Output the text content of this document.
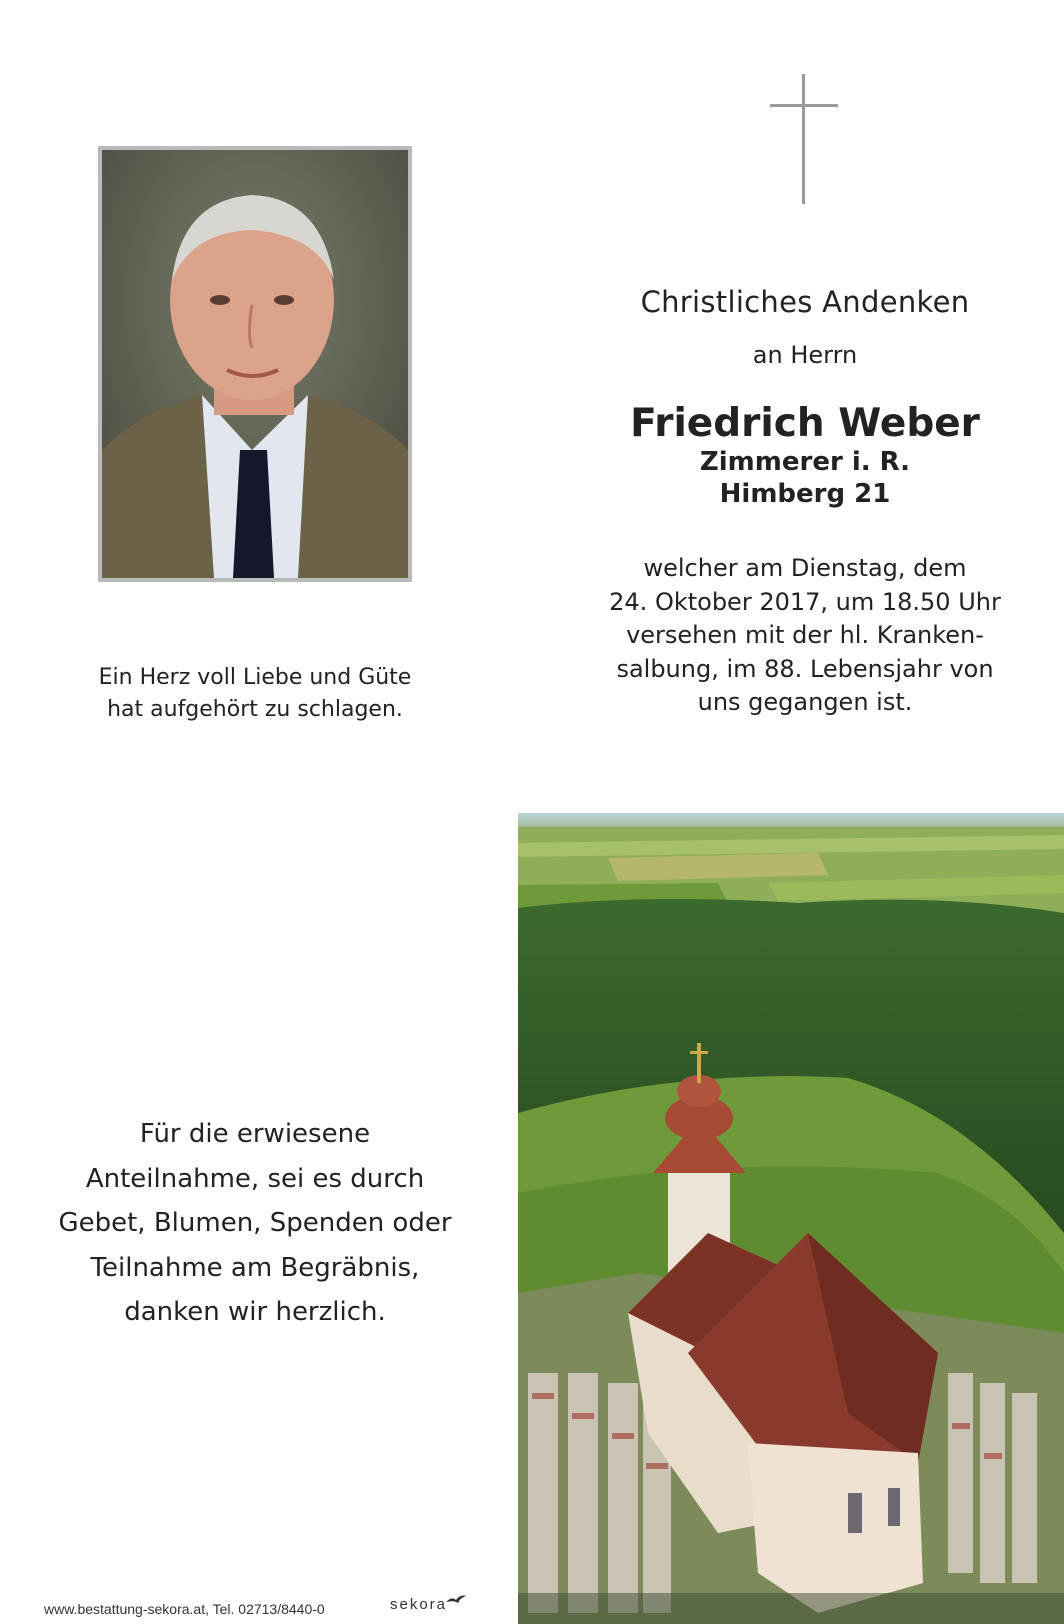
Christliches Andenken
an Herrn
Friedrich Weber
Zimmerer i. R.
Himberg 21
welcher am Dienstag, dem
24. Oktober 2017, um 18.50 Uhr
versehen mit der hl. Kranken-
salbung, im 88. Lebensjahr von
uns gegangen ist.
Ein Herz voll Liebe und Güte
hat aufgehört zu schlagen.
Für die erwiesene
Anteilnahme, sei es durch
Gebet, Blumen, Spenden oder
Teilnahme am Begräbnis,
danken wir herzlich.
www.bestattung-sekora.at, Tel. 02713/8440-0	sekora
